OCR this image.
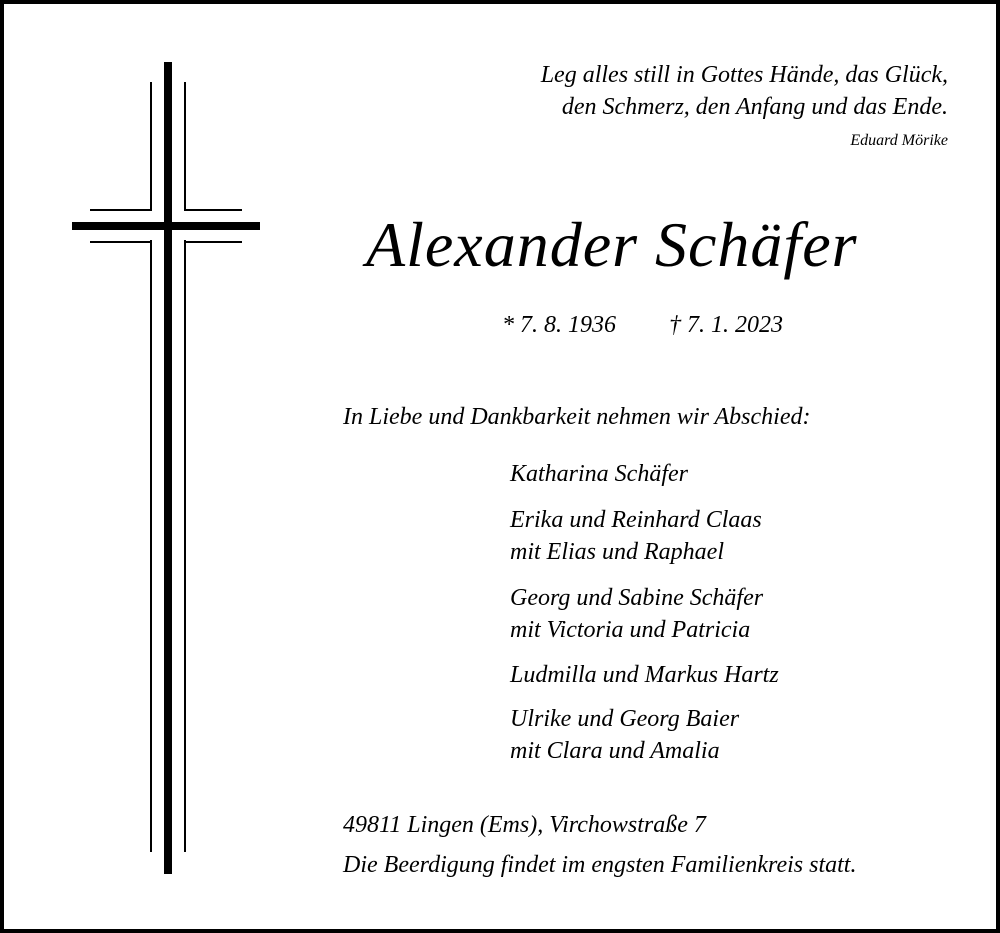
Leg alles still in Gottes Hände, das Glück,
den Schmerz, den Anfang und das Ende.
Eduard Mörike
Alexander Schäfer
* 7. 8. 1936 † 7. 1. 2023
In Liebe und Dankbarkeit nehmen wir Abschied:
Katharina Schäfer
Erika und Reinhard Claas
mit Elias und Raphael
Georg und Sabine Schäfer
mit Victoria und Patricia
Ludmilla und Markus Hartz
Ulrike und Georg Baier
mit Clara und Amalia
49811 Lingen (Ems), Virchowstraße 7
Die Beerdigung findet im engsten Familienkreis statt.
